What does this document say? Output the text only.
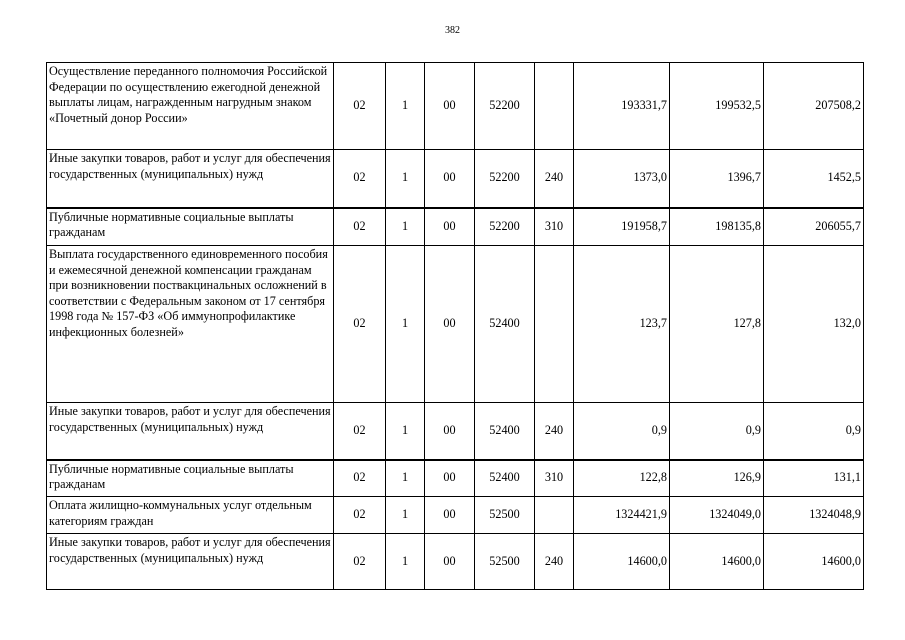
382
Осуществление переданного полномочия Российской Федерации по осуществлению ежегодной денежной выплаты лицам, награжденным нагрудным знаком «Почетный донор России»	02	1	00	52200		193331,7	199532,5	207508,2
Иные закупки товаров, работ и услуг для обеспечения государственных (муниципальных) нужд	02	1	00	52200	240	1373,0	1396,7	1452,5
Публичные нормативные социальные выплаты гражданам	02	1	00	52200	310	191958,7	198135,8	206055,7
Выплата государственного единовременного пособия и ежемесячной денежной компенсации гражданам при возникновении поствакцинальных осложнений в соответствии с Федеральным законом от 17 сентября 1998 года № 157-ФЗ «Об иммунопрофилактике инфекционных болезней»	02	1	00	52400		123,7	127,8	132,0
Иные закупки товаров, работ и услуг для обеспечения государственных (муниципальных) нужд	02	1	00	52400	240	0,9	0,9	0,9
Публичные нормативные социальные выплаты гражданам	02	1	00	52400	310	122,8	126,9	131,1
Оплата жилищно-коммунальных услуг отдельным категориям граждан	02	1	00	52500		1324421,9	1324049,0	1324048,9
Иные закупки товаров, работ и услуг для обеспечения государственных (муниципальных) нужд	02	1	00	52500	240	14600,0	14600,0	14600,0
